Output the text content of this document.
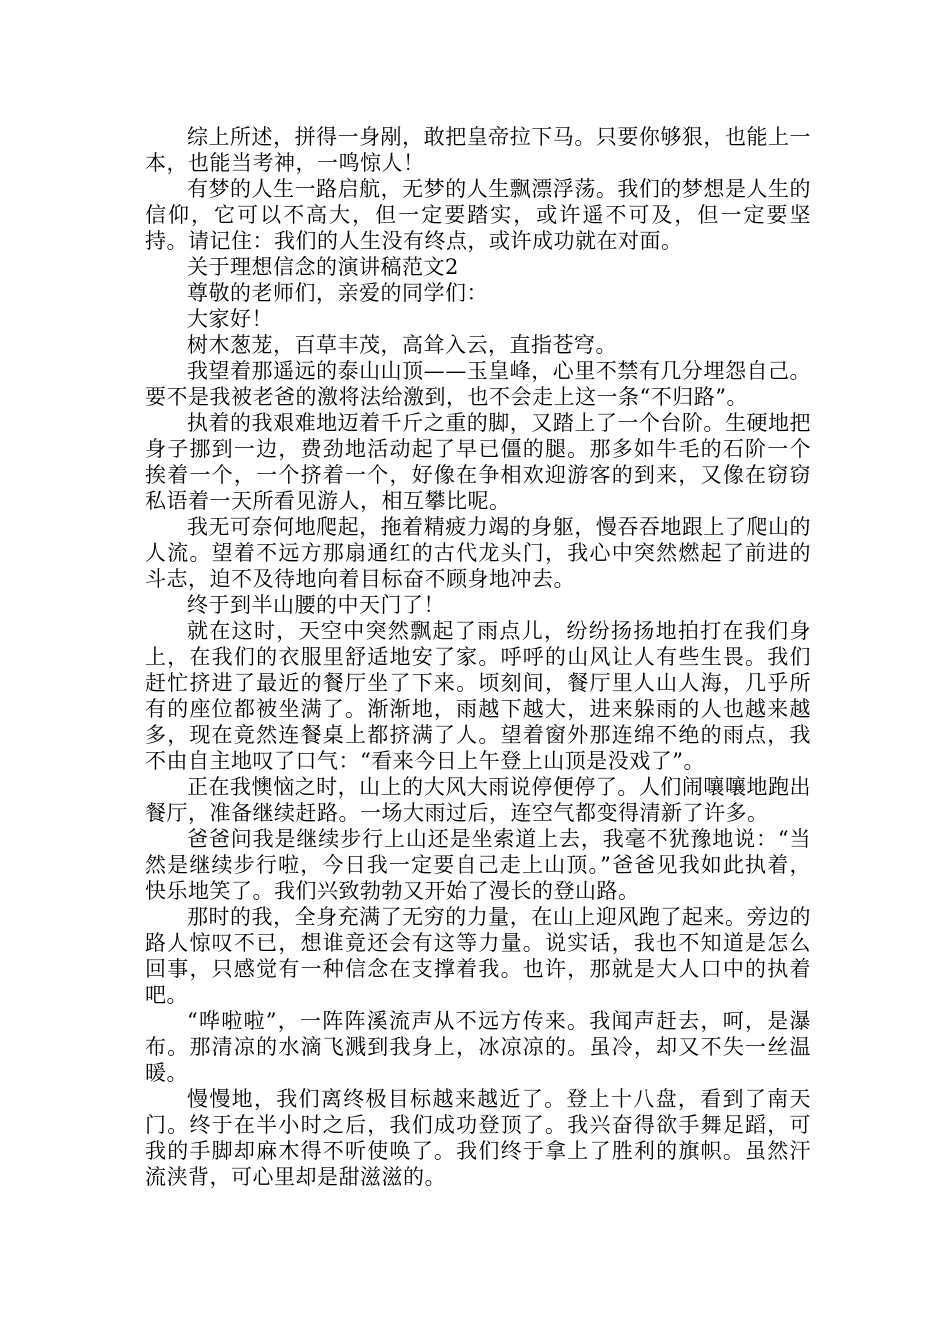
综上所述，拼得一身剐，敢把皇帝拉下马。只要你够狠，也能上一本，也能当考神，一鸣惊人！

有梦的人生一路启航，无梦的人生飘漂浮荡。我们的梦想是人生的信仰，它可以不高大，但一定要踏实，或许遥不可及，但一定要坚持。请记住：我们的人生没有终点，或许成功就在对面。

关于理想信念的演讲稿范文2

尊敬的老师们，亲爱的同学们：

大家好！

树木葱茏，百草丰茂，高耸入云，直指苍穹。

我望着那遥远的泰山山顶——玉皇峰，心里不禁有几分埋怨自己。要不是我被老爸的激将法给激到，也不会走上这一条“不归路”。

执着的我艰难地迈着千斤之重的脚，又踏上了一个台阶。生硬地把身子挪到一边，费劲地活动起了早已僵的腿。那多如牛毛的石阶一个挨着一个，一个挤着一个，好像在争相欢迎游客的到来，又像在窃窃私语着一天所看见游人，相互攀比呢。

我无可奈何地爬起，拖着精疲力竭的身躯，慢吞吞地跟上了爬山的人流。望着不远方那扇通红的古代龙头门，我心中突然燃起了前进的斗志，迫不及待地向着目标奋不顾身地冲去。

终于到半山腰的中天门了！

就在这时，天空中突然飘起了雨点儿，纷纷扬扬地拍打在我们身上，在我们的衣服里舒适地安了家。呼呼的山风让人有些生畏。我们赶忙挤进了最近的餐厅坐了下来。顷刻间，餐厅里人山人海，几乎所有的座位都被坐满了。渐渐地，雨越下越大，进来躲雨的人也越来越多，现在竟然连餐桌上都挤满了人。望着窗外那连绵不绝的雨点，我不由自主地叹了口气：“看来今日上午登上山顶是没戏了”。

正在我懊恼之时，山上的大风大雨说停便停了。人们闹嚷嚷地跑出餐厅，准备继续赶路。一场大雨过后，连空气都变得清新了许多。

爸爸问我是继续步行上山还是坐索道上去，我毫不犹豫地说：“当然是继续步行啦，今日我一定要自己走上山顶。”爸爸见我如此执着，快乐地笑了。我们兴致勃勃又开始了漫长的登山路。

那时的我，全身充满了无穷的力量，在山上迎风跑了起来。旁边的路人惊叹不已，想谁竟还会有这等力量。说实话，我也不知道是怎么回事，只感觉有一种信念在支撑着我。也许，那就是大人口中的执着吧。

“哗啦啦”，一阵阵溪流声从不远方传来。我闻声赶去，呵，是瀑布。那清凉的水滴飞溅到我身上，冰凉凉的。虽冷，却又不失一丝温暖。

慢慢地，我们离终极目标越来越近了。登上十八盘，看到了南天门。终于在半小时之后，我们成功登顶了。我兴奋得欲手舞足蹈，可我的手脚却麻木得不听使唤了。我们终于拿上了胜利的旗帜。虽然汗流浃背，可心里却是甜滋滋的。
